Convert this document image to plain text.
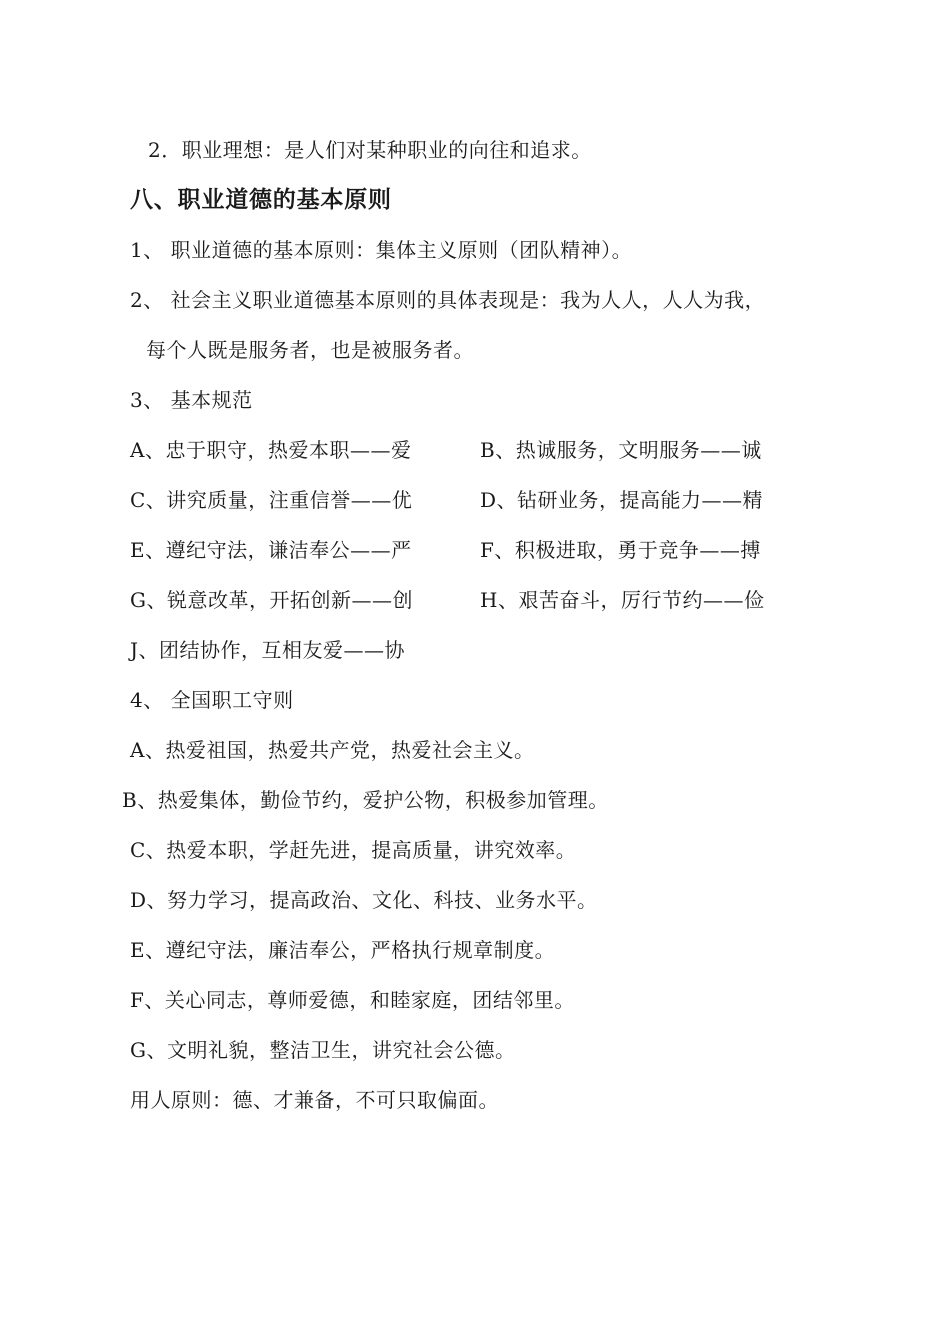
2．职业理想：是人们对某种职业的向往和追求。
八、职业道德的基本原则
1、 职业道德的基本原则：集体主义原则（团队精神）。
2、 社会主义职业道德基本原则的具体表现是：我为人人，人人为我，
每个人既是服务者，也是被服务者。
3、 基本规范
A、忠于职守，热爱本职——爱	B、热诚服务，文明服务——诚
C、讲究质量，注重信誉——优	D、钻研业务，提高能力——精
E、遵纪守法，谦洁奉公——严	F、积极进取，勇于竞争——搏
G、锐意改革，开拓创新——创	H、艰苦奋斗，厉行节约——俭
J、团结协作，互相友爱——协
4、 全国职工守则
A、热爱祖国，热爱共产党，热爱社会主义。
B、热爱集体，勤俭节约，爱护公物，积极参加管理。
C、热爱本职，学赶先进，提高质量，讲究效率。
D、努力学习，提高政治、文化、科技、业务水平。
E、遵纪守法，廉洁奉公，严格执行规章制度。
F、关心同志，尊师爱德，和睦家庭，团结邻里。
G、文明礼貌，整洁卫生，讲究社会公德。
用人原则：德、才兼备，不可只取偏面。
